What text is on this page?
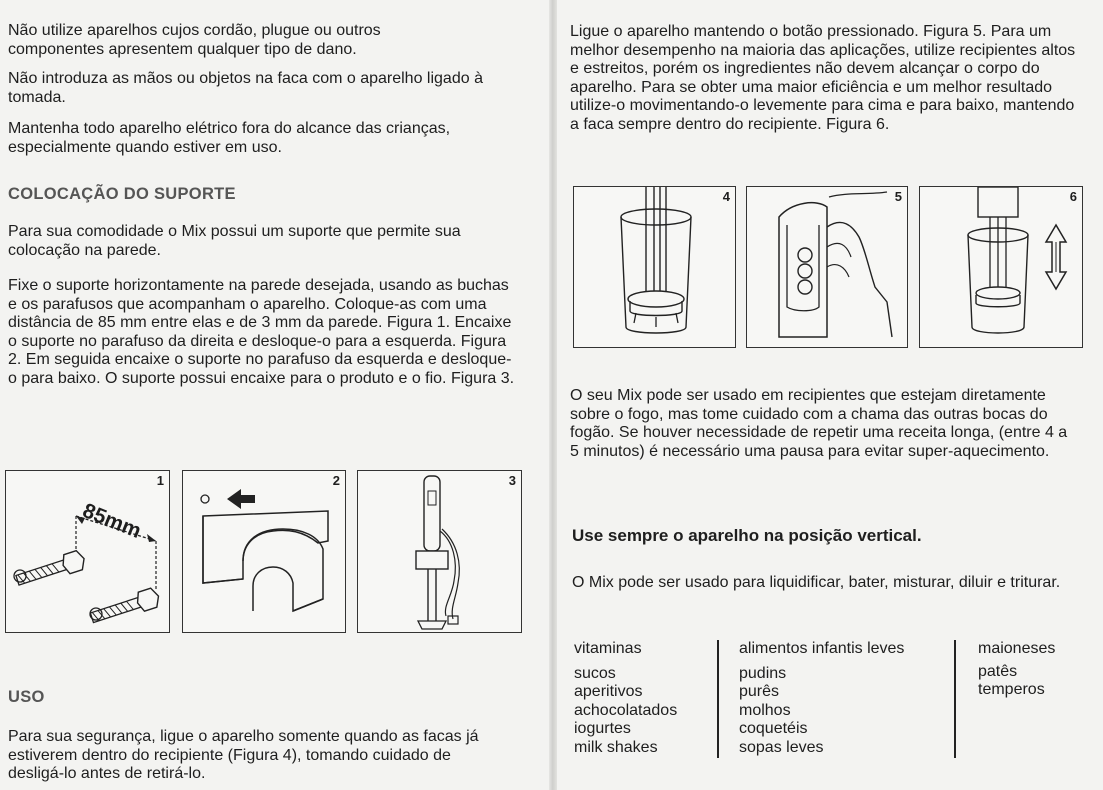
Não utilize aparelhos cujos cordão, plugue ou outros componentes apresentem qualquer tipo de dano.

Não introduza as mãos ou objetos na faca com o aparelho ligado à tomada.

Mantenha todo aparelho elétrico fora do alcance das crianças, especialmente quando estiver em uso.

COLOCAÇÃO DO SUPORTE

Para sua comodidade o Mix possui um suporte que permite sua colocação na parede.

Fixe o suporte horizontamente na parede desejada, usando as buchas e os parafusos que acompanham o aparelho. Coloque-as com uma distância de 85 mm entre elas e de 3 mm da parede. Figura 1. Encaixe o suporte no parafuso da direita e desloque-o para a esquerda. Figura 2. Em seguida encaixe o suporte no parafuso da esquerda e desloque-o para baixo. O suporte possui encaixe para o produto e o fio. Figura 3.

1
85mm
2	3
USO

Para sua segurança, ligue o aparelho somente quando as facas já estiverem dentro do recipiente (Figura 4), tomando cuidado de desligá-lo antes de retirá-lo.

Ligue o aparelho mantendo o botão pressionado. Figura 5. Para um melhor desempenho na maioria das aplicações, utilize recipientes altos e estreitos, porém os ingredientes não devem alcançar o corpo do aparelho. Para se obter uma maior eficiência e um melhor resultado utilize-o movimentando-o levemente para cima e para baixo, mantendo a faca sempre dentro do recipiente. Figura 6.

4	5	6

O seu Mix pode ser usado em recipientes que estejam diretamente sobre o fogo, mas tome cuidado com a chama das outras bocas do fogão. Se houver necessidade de repetir uma receita longa, (entre 4 a 5 minutos) é necessário uma pausa para evitar super-aquecimento.

Use sempre o aparelho na posição vertical.

O Mix pode ser usado para liquidificar, bater, misturar, diluir e triturar.

vitaminas
sucos
aperitivos
achocolatados
iogurtes
milk shakes
alimentos infantis leves
pudins
purês
molhos
coquetéis
sopas leves
maioneses
patês
temperos
